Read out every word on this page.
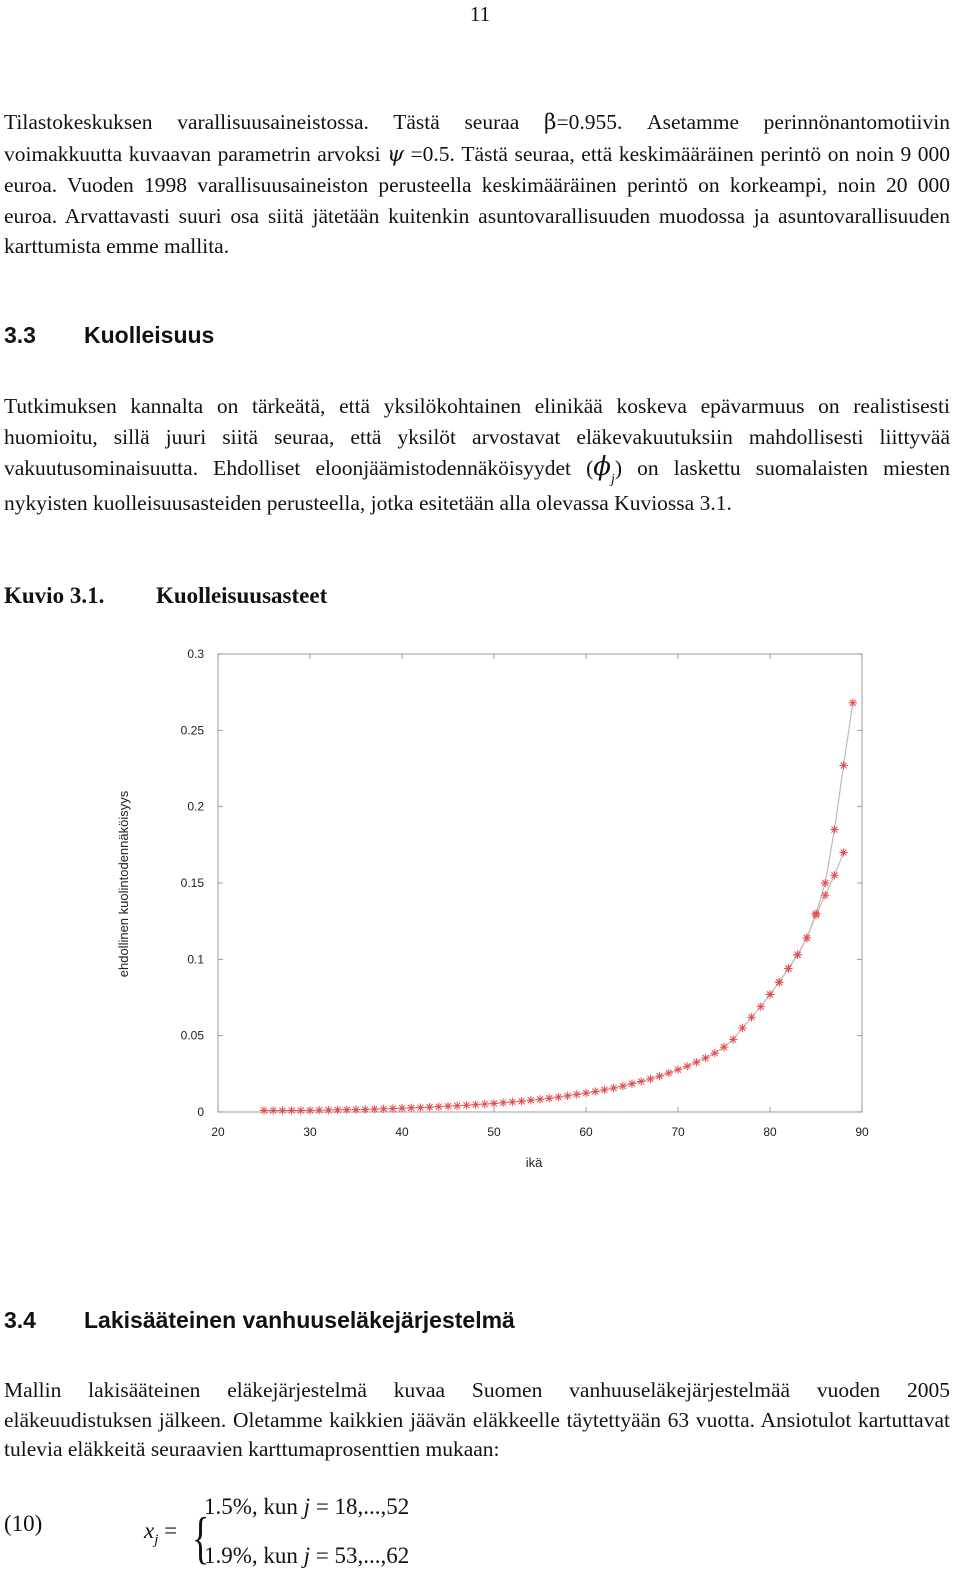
11
Tilastokeskuksen varallisuusaineistossa. Tästä seuraa β=0.955. Asetamme perinnönantomotiivin voimakkuutta kuvaavan parametrin arvoksi ψ =0.5. Tästä seuraa, että keskimääräinen perintö on noin 9 000 euroa. Vuoden 1998 varallisuusaineiston perusteella keskimääräinen perintö on korkeampi, noin 20 000 euroa. Arvattavasti suuri osa siitä jätetään kuitenkin asuntovarallisuuden muodossa ja asuntovarallisuuden karttumista emme mallita.
3.3 Kuolleisuus
Tutkimuksen kannalta on tärkeätä, että yksilökohtainen elinikää koskeva epävarmuus on realistisesti huomioitu, sillä juuri siitä seuraa, että yksilöt arvostavat eläkevakuutuksiin mahdollisesti liittyvää vakuutusominaisuutta. Ehdolliset eloonjäämistodennäköisyydet $(\phi_j)$ on laskettu suomalaisten miesten nykyisten kuolleisuusasteiden perusteella, jotka esitetään alla olevassa Kuviossa 3.1.
Kuvio 3.1. Kuolleisuusasteet
20	30	40	50	60	70	80	90
0
0.05
0.1
0.15
0.2
0.25
0.3
ikä
ehdollinen kuolintodennäköisyys
3.4 Lakisääteinen vanhuuseläkejärjestelmä
Mallin lakisääteinen eläkejärjestelmä kuvaa Suomen vanhuuseläkejärjestelmää vuoden 2005 eläkeuudistuksen jälkeen. Oletamme kaikkien jäävän eläkkeelle täytettyään 63 vuotta. Ansiotulot kartuttavat tulevia eläkkeitä seuraavien karttumaprosenttien mukaan:
(10)	$x_j$ = {
1.5%, kun j = 18,...,52
1.9%, kun j = 53,...,62
